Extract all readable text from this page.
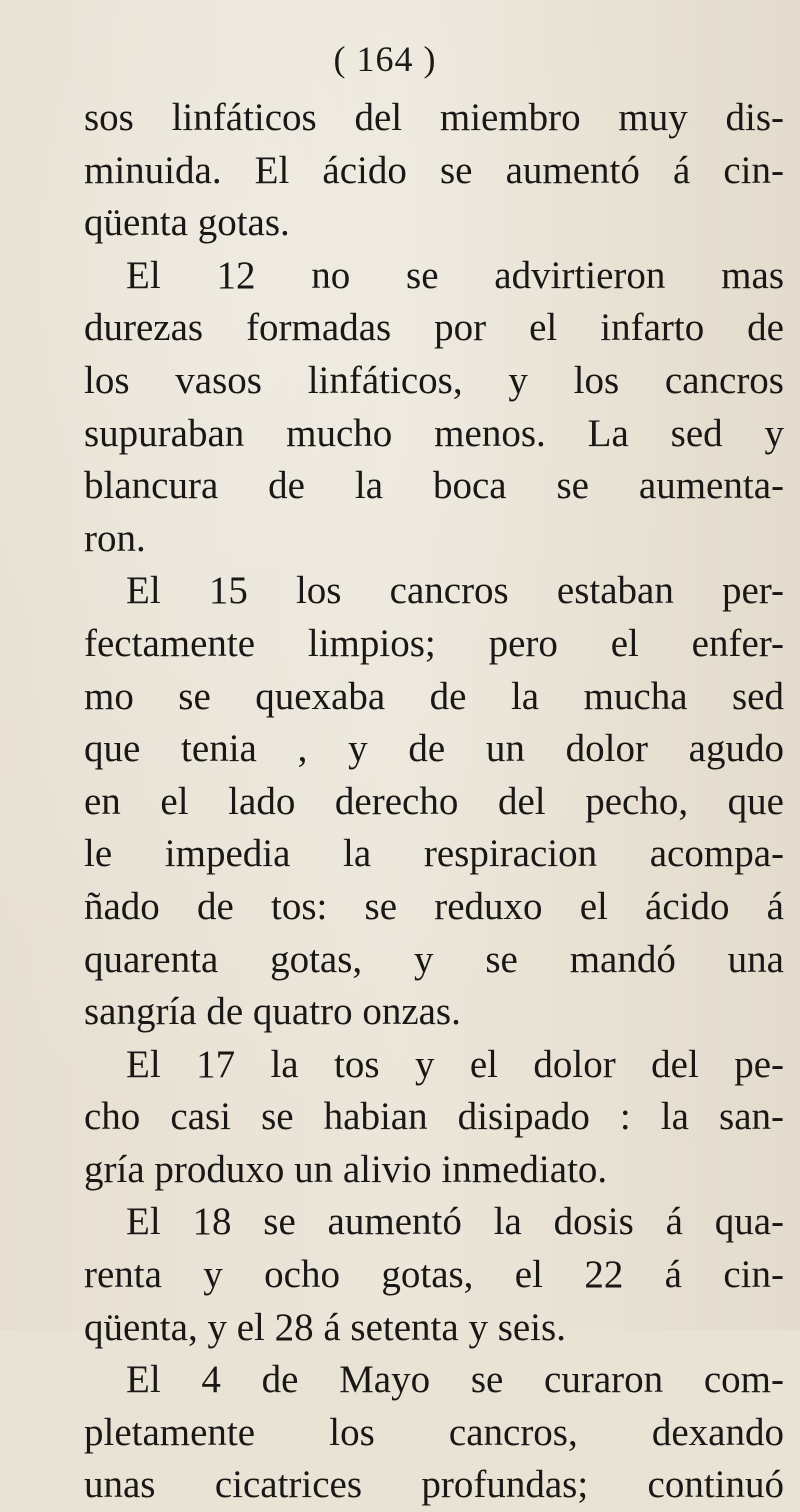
( 164 )
sos linfáticos del miembro muy dis-
minuida. El ácido se aumentó á cin-
qüenta gotas.
El 12 no se advirtieron mas
durezas formadas por el infarto de
los vasos linfáticos, y los cancros
supuraban mucho menos. La sed y
blancura de la boca se aumenta-
ron.
El 15 los cancros estaban per-
fectamente limpios; pero el enfer-
mo se quexaba de la mucha sed
que tenia , y de un dolor agudo
en el lado derecho del pecho, que
le impedia la respiracion acompa-
ñado de tos: se reduxo el ácido á
quarenta gotas, y se mandó una
sangría de quatro onzas.
El 17 la tos y el dolor del pe-
cho casi se habian disipado : la san-
gría produxo un alivio inmediato.
El 18 se aumentó la dosis á qua-
renta y ocho gotas, el 22 á cin-
qüenta, y el 28 á setenta y seis.
El 4 de Mayo se curaron com-
pletamente los cancros, dexando
unas cicatrices profundas; continuó
